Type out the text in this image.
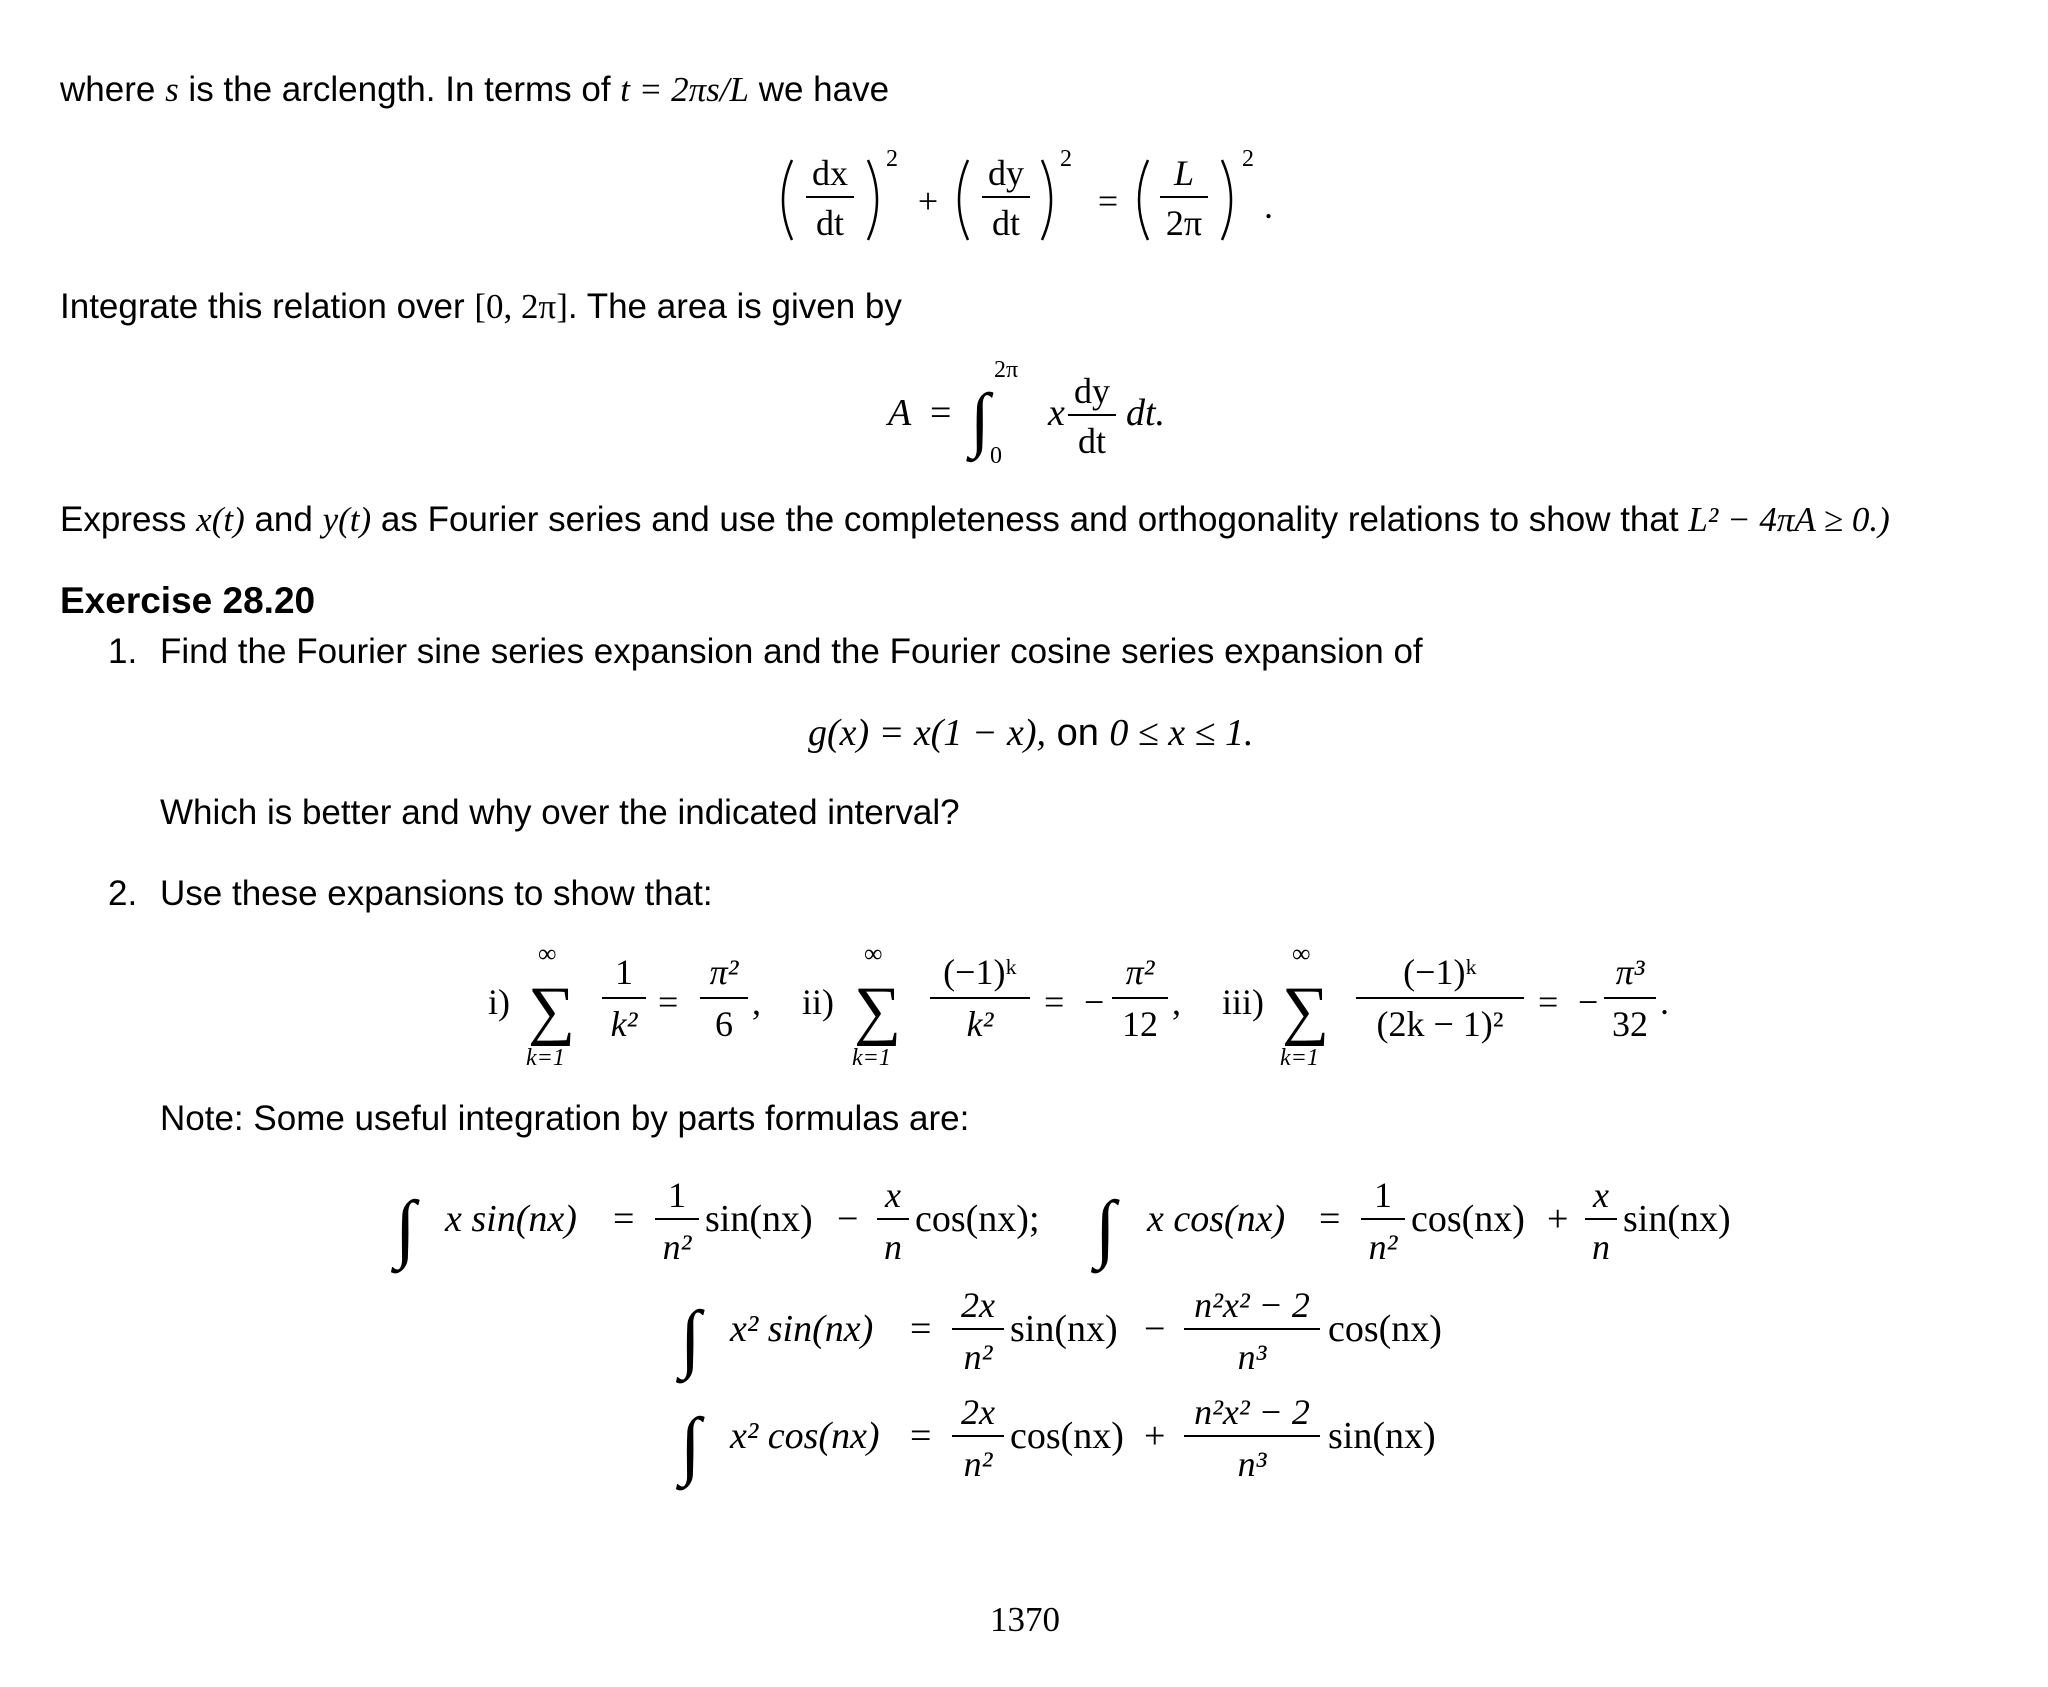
where s is the arclength. In terms of t = 2πs/L we have
dx
dt
2
+
dy
dt
2
=
L
2π
2
.
Integrate this relation over [0, 2π]. The area is given by
A = ∫
2π
0
x
dy
dt
dt.
Express x(t) and y(t) as Fourier series and use the completeness and orthogonality relations to show that L² − 4πA ≥ 0.)
Exercise 28.20
1. Find the Fourier sine series expansion and the Fourier cosine series expansion of
g(x) = x(1 − x), on 0 ≤ x ≤ 1.
Which is better and why over the indicated interval?
2. Use these expansions to show that:
i)
∞
∑
k=1
1
k²
=
π²
6
, ii)
∞
∑
k=1
(−1)ᵏ
k²
= −
π²
12
, iii)
∞
∑
k=1
(−1)ᵏ
(2k − 1)²
= −
π³
32
.
Note: Some useful integration by parts formulas are:
∫ x sin(nx) =
1
n²
sin(nx) −
x
n
cos(nx); ∫ x cos(nx) =
1
n²
cos(nx) +
x
n
sin(nx)
∫ x² sin(nx) =
2x
n²
sin(nx) −
n²x² − 2
n³
cos(nx)
∫ x² cos(nx) =
2x
n²
cos(nx) +
n²x² − 2
n³
sin(nx)
1370
